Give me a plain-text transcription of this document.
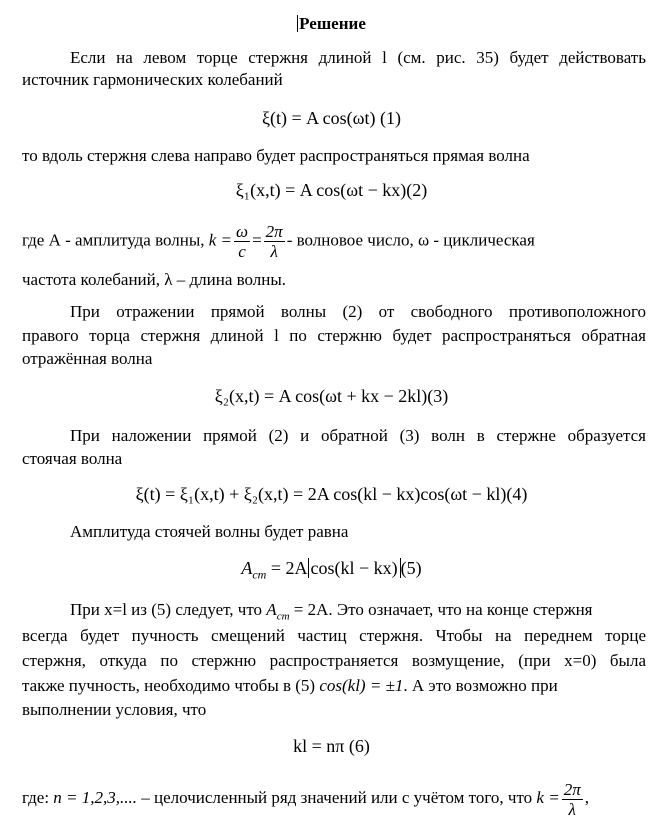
Решение
Если на левом торце стержня длиной l (см. рис. 35) будет действовать
источник гармонических колебаний
ξ(t) = A cos(ωt) (1)
то вдоль стержня слева направо будет распространяться прямая волна
ξ₁(x,t) = A cos(ωt − kx)(2)
где А - амплитуда волны, $k = \frac{\omega}{c} = \frac{2\pi}{\lambda}$ - волновое число, ω - циклическая
частота колебаний, λ – длина волны.
При отражении прямой волны (2) от свободного противоположного
правого торца стержня длиной l по стержню будет распространяться обратная
отражённая волна
ξ₂(x,t) = A cos(ωt + kx − 2kl)(3)
При наложении прямой (2) и обратной (3) волн в стержне образуется
стоячая волна
ξ(t) = ξ₁(x,t) + ξ₂(x,t) = 2A cos(kl − kx)cos(ωt − kl)(4)
Амплитуда стоячей волны будет равна
$A_{ст} = 2A$ cos(kl − kx) (5)
При x=l из (5) следует, что $A_{ст} = 2A$. Это означает, что на конце стержня
всегда будет пучность смещений частиц стержня. Чтобы на переднем торце
стержня, откуда по стержню распространяется возмущение, (при x=0) была
также пучность, необходимо чтобы в (5) cos(kl) = ±1. А это возможно при
выполнении условия, что
kl = nπ (6)
где: n = 1,2,3,.... – целочисленный ряд значений или с учётом того, что $k = \frac{2\pi}{\lambda}$ ,
